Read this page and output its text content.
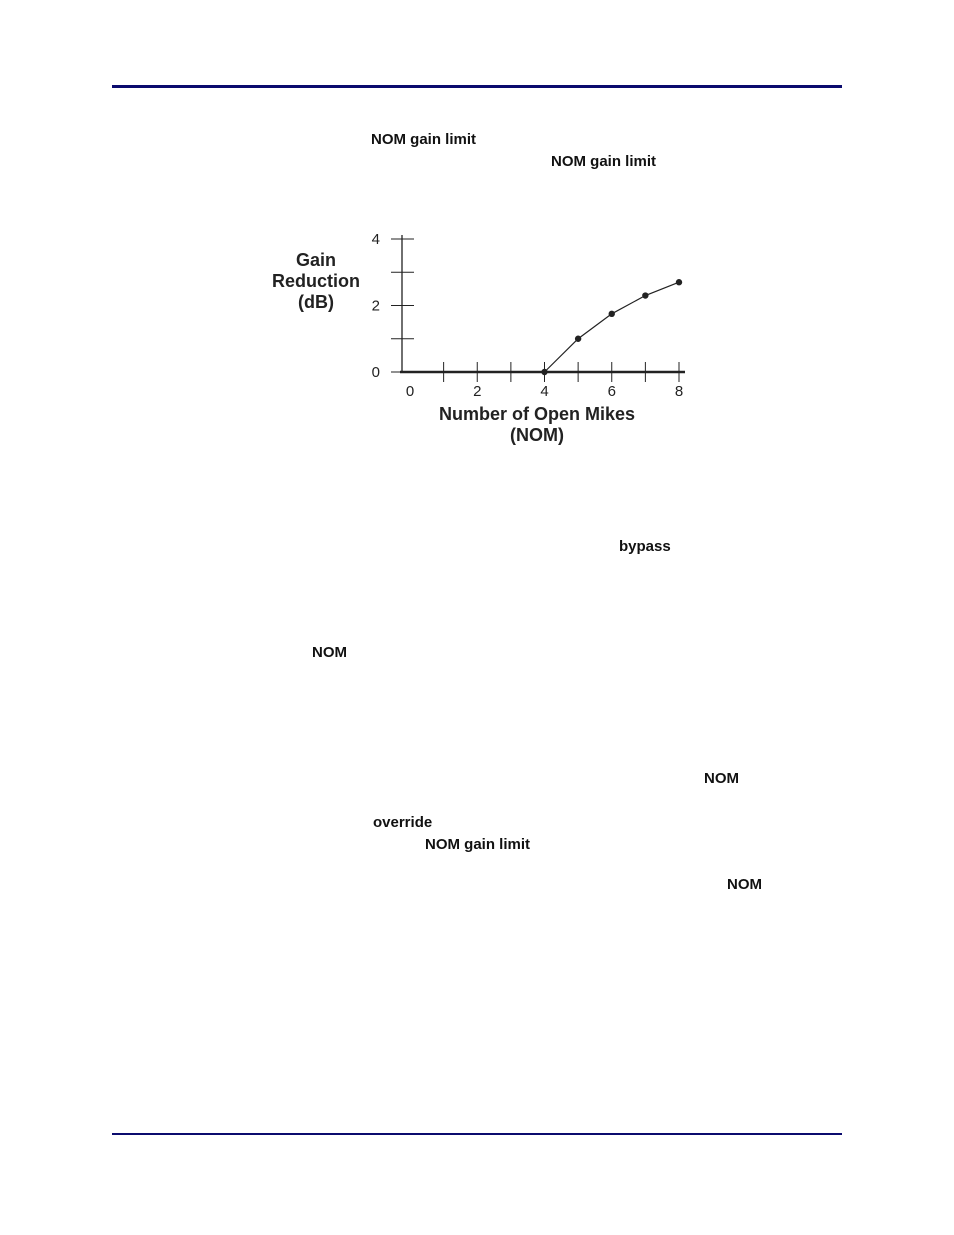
NOM gain limit
NOM gain limit
0
2
4
0	2	4	6	8
Gain
Reduction
(dB)
Number of Open Mikes
(NOM)
bypass
NOM
NOM
override
NOM gain limit
NOM
